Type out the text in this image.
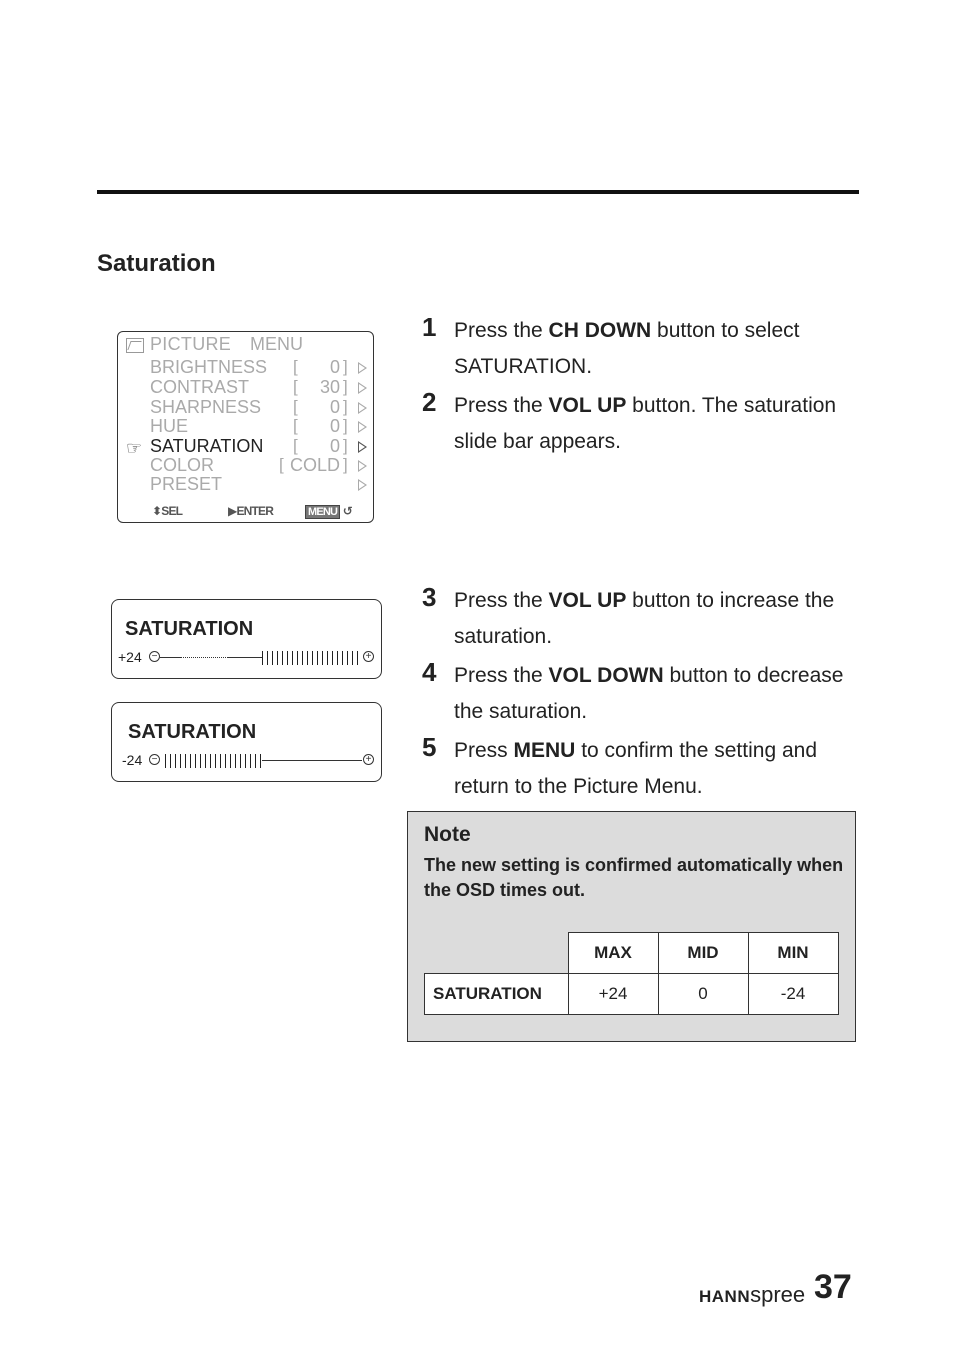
Saturation
PICTURE MENU
BRIGHTNESS [ 0 ]
CONTRAST	[ 30 ]
SHARPNESS [ 0 ]
HUE	[ 0 ]
☞ SATURATION [ 0 ]
COLOR	[ COLD ]
PRESET
⬍SEL	▶ENTER	MENU ↺
SATURATION
+24 −	+
SATURATION
-24 −	+
1 Press the CH DOWN button to select SATURATION.
2 Press the VOL UP button. The saturation slide bar appears.
3 Press the VOL UP button to increase the saturation.
4 Press the VOL DOWN button to decrease the saturation.
5 Press MENU to confirm the setting and return to the Picture Menu.
Note
The new setting is confirmed automatically when the OSD times out.
	MAX	MID	MIN
SATURATION	+24	0	-24
HANNspree 37
